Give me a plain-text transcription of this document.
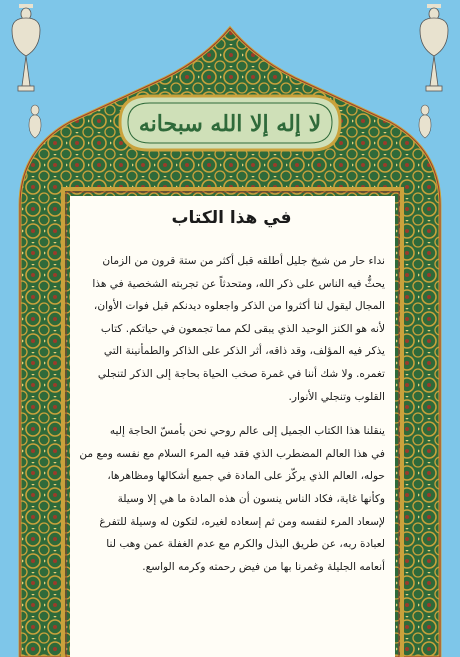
لا إله إلا الله سبحانه
في هذا الكتاب
نداء حار من شيخ جليل أطلقه قبل أكثر من ستة قرون من الزمان
يحثُّ فيه الناس على ذكر الله، ومتحدثاً عن تجربته الشخصية في هذا
المجال ليقول لنا أكثروا من الذكر واجعلوه ديدنكم قبل فوات الأوان،
لأنه هو الكنز الوحيد الذي يبقى لكم مما تجمعون في حياتكم. كتاب
يذكر فيه المؤلف، وقد ذاقه، أثر الذكر على الذاكر والطمأنينة التي
تغمره. ولا شك أننا في غمرة صخب الحياة بحاجة إلى الذكر لتنجلي
القلوب وتنجلي الأنوار.
ينقلنا هذا الكتاب الجميل إلى عالم روحي نحن بأمسّ الحاجة إليه
في هذا العالم المضطرب الذي فقد فيه المرء السلام مع نفسه ومع من
حوله، العالم الذي يركّز على المادة في جميع أشكالها ومظاهرها،
وكأنها غاية، فكاد الناس ينسون أن هذه المادة ما هي إلا وسيلة
لإسعاد المرء لنفسه ومن ثم إسعاده لغيره، لتكون له وسيلة للتفرغ
لعبادة ربه، عن طريق البذل والكرم مع عدم الغفلة عمن وهب لنا
أنعامه الجليلة وغمرنا بها من فيض رحمته وكرمه الواسع.
